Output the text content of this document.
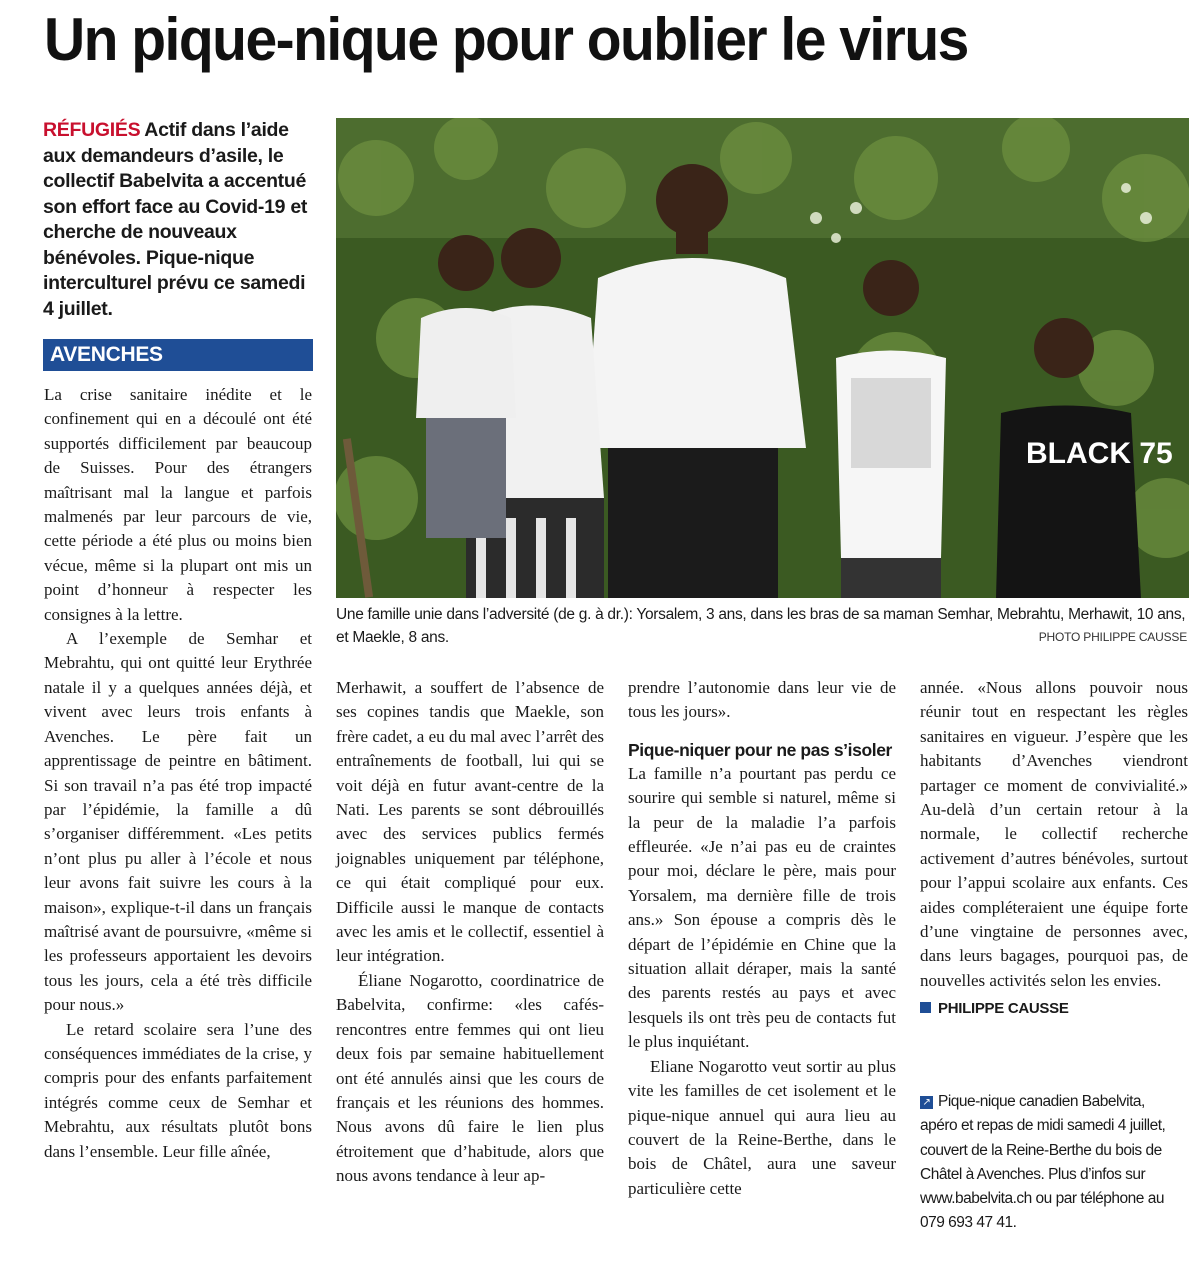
Un pique-nique pour oublier le virus

RÉFUGIÉS Actif dans l’aide aux demandeurs d’asile, le collectif Babelvita a accentué son effort face au Covid-19 et cherche de nouveaux bénévoles. Pique-nique interculturel prévu ce samedi 4 juillet.

AVENCHES

La crise sanitaire inédite et le confinement qui en a découlé ont été supportés difficilement par beaucoup de Suisses. Pour des étrangers maîtrisant mal la langue et parfois malmenés par leur parcours de vie, cette période a été plus ou moins bien vécue, même si la plupart ont mis un point d’honneur à respecter les consignes à la lettre.

A l’exemple de Semhar et Mebrahtu, qui ont quitté leur Erythrée natale il y a quelques années déjà, et vivent avec leurs trois enfants à Avenches. Le père fait un apprentissage de peintre en bâtiment. Si son travail n’a pas été trop impacté par l’épidémie, la famille a dû s’organiser différemment. «Les petits n’ont plus pu aller à l’école et nous leur avons fait suivre les cours à la maison», explique-t-il dans un français maîtrisé avant de poursuivre, «même si les professeurs apportaient les devoirs tous les jours, cela a été très difficile pour nous.»

Le retard scolaire sera l’une des conséquences immédiates de la crise, y compris pour des enfants parfaitement intégrés comme ceux de Semhar et Mebrahtu, aux résultats plutôt bons dans l’ensemble. Leur fille aînée,

BLACK 75

Une famille unie dans l’adversité (de g. à dr.): Yorsalem, 3 ans, dans les bras de sa maman Semhar, Mebrahtu, Merhawit, 10 ans, et Maekle, 8 ans.	PHOTO PHILIPPE CAUSSE

Merhawit, a souffert de l’absence de ses copines tandis que Maekle, son frère cadet, a eu du mal avec l’arrêt des entraînements de football, lui qui se voit déjà en futur avant-centre de la Nati. Les parents se sont débrouillés avec des services publics fermés joignables uniquement par téléphone, ce qui était compliqué pour eux. Difficile aussi le manque de contacts avec les amis et le collectif, essentiel à leur intégration.

Éliane Nogarotto, coordinatrice de Babelvita, confirme: «les cafés-rencontres entre femmes qui ont lieu deux fois par semaine habituellement ont été annulés ainsi que les cours de français et les réunions des hommes. Nous avons dû faire le lien plus étroitement que d’habitude, alors que nous avons tendance à leur ap-

prendre l’autonomie dans leur vie de tous les jours».

Pique-niquer pour ne pas s’isoler

La famille n’a pourtant pas perdu ce sourire qui semble si naturel, même si la peur de la maladie l’a parfois effleurée. «Je n’ai pas eu de craintes pour moi, déclare le père, mais pour Yorsalem, ma dernière fille de trois ans.» Son épouse a compris dès le départ de l’épidémie en Chine que la situation allait déraper, mais la santé des parents restés au pays et avec lesquels ils ont très peu de contacts fut le plus inquiétant.

Eliane Nogarotto veut sortir au plus vite les familles de cet isolement et le pique-nique annuel qui aura lieu au couvert de la Reine-Berthe, dans le bois de Châtel, aura une saveur particulière cette

année. «Nous allons pouvoir nous réunir tout en respectant les règles sanitaires en vigueur. J’espère que les habitants d’Avenches viendront partager ce moment de convivialité.» Au-delà d’un certain retour à la normale, le collectif recherche activement d’autres bénévoles, surtout pour l’appui scolaire aux enfants. Ces aides compléteraient une équipe forte d’une vingtaine de personnes avec, dans leurs bagages, pourquoi pas, de nouvelles activités selon les envies.

PHILIPPE CAUSSE

↗ Pique-nique canadien Babelvita, apéro et repas de midi samedi 4 juillet, couvert de la Reine-Berthe du bois de Châtel à Avenches. Plus d’infos sur www.babelvita.ch ou par téléphone au 079 693 47 41.
